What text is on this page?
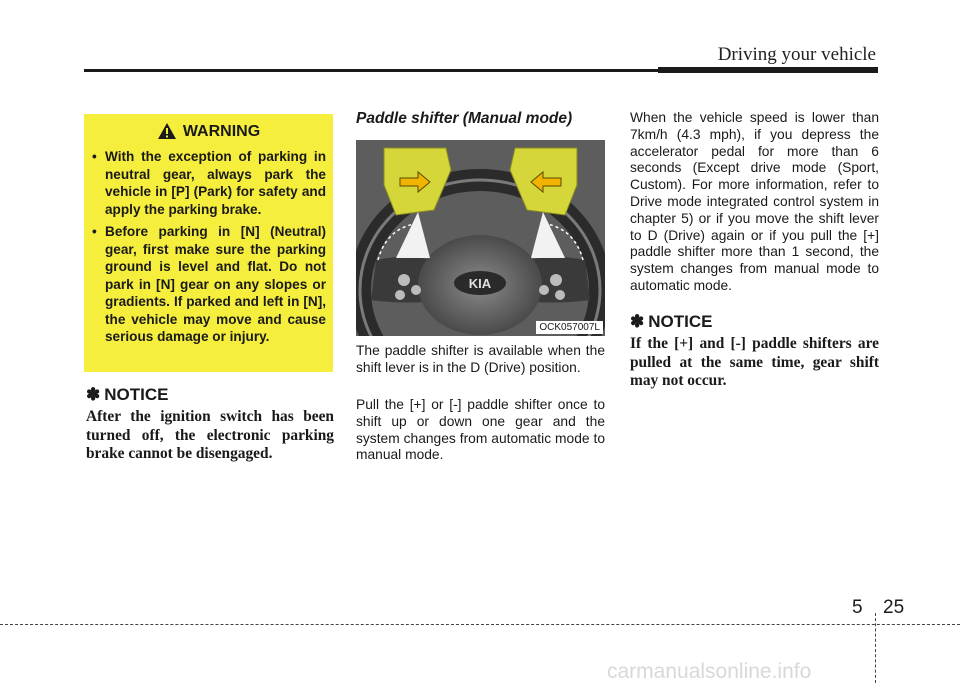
Driving your vehicle
WARNING
• With the exception of parking in neutral gear, always park the vehicle in [P] (Park) for safety and apply the parking brake.
• Before parking in [N] (Neutral) gear, first make sure the parking ground is level and flat. Do not park in [N] gear on any slopes or gradients. If parked and left in [N], the vehicle may move and cause serious damage or injury.
✽ NOTICE
After the ignition switch has been turned off, the electronic parking brake cannot be disengaged.
Paddle shifter (Manual mode)
KIA
OCK057007L
The paddle shifter is available when the shift lever is in the D (Drive) position.
Pull the [+] or [-] paddle shifter once to shift up or down one gear and the system changes from automatic mode to manual mode.
When the vehicle speed is lower than 7km/h (4.3 mph), if you depress the accelerator pedal for more than 6 seconds (Except drive mode (Sport, Custom). For more information, refer to Drive mode integrated control system in chapter 5) or if you move the shift lever to D (Drive) again or if you pull the [+] paddle shifter more than 1 second, the system changes from manual mode to automatic mode.
✽ NOTICE
If the [+] and [-] paddle shifters are pulled at the same time, gear shift may not occur.
5 25
carmanualsonline.info
